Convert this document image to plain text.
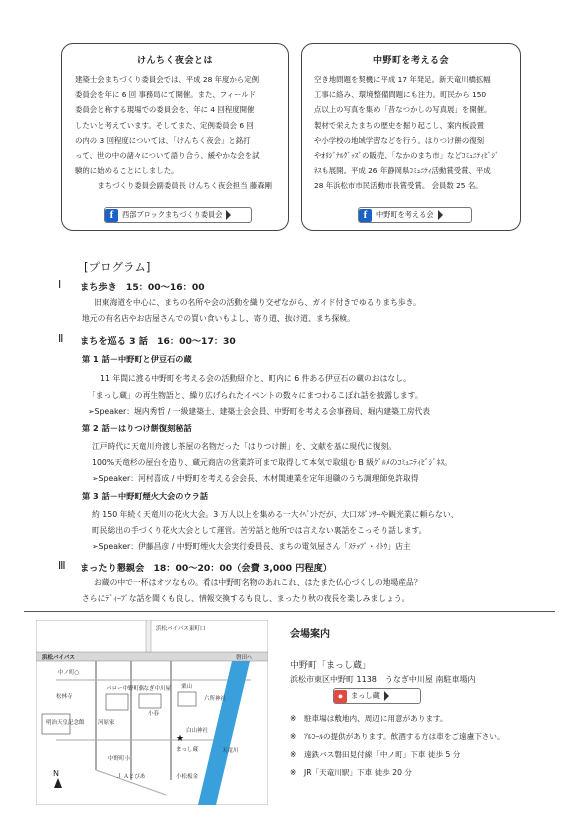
けんちく夜会とは
建築士会まちづくり委員会では、平成 28 年度から定例
委員会を年に 6 回 事務局にて開催。また、フィールド
委員会と称する現場での委員会を、年に 4 回程度開催
したいと考えています。そしてまた、定例委員会 6 回
の内の 3 回程度については、「けんちく夜会」と銘打
って、世の中の諸々について語り合う、緩やかな会を試
験的に始めることにしました。
まちづくり委員会副委員長 けんちく夜会担当 藤森剛
f	西部ブロックまちづくり委員会
中野町を考える会
空き地問題を契機に平成 17 年発足。新天竜川橋拡幅
工事に絡み、環境整備問題にも注力。町民から 150
点以上の写真を集め「昔なつかしの写真展」を開催。
製材で栄えたまちの歴史を掘り起こし、案内板設置
や小学校の地域学習などを行う。はりつけ餅の復刻
やｵﾘｼﾞﾅﾙｸﾞｯｽﾞの販売、「なかのまち市」などｺﾐｭﾆﾃｨﾋﾞｼﾞ
ﾈｽも展開。平成 26 年静岡県ｺﾐｭﾆﾃｨ活動賞受賞、平成
28 年浜松市市民活動市長賞受賞。 会員数 25 名。
f	中野町を考える会
[プログラム]
Ⅰ まち歩き　15：00～16：00
旧東海道を中心に、まちの名所や会の活動を織り交ぜながら、ガイド付きでゆるりまち歩き。
地元の有名店やお店屋さんでの買い食いもよし、寄り道、抜け道、まち探検。
Ⅱ まちを巡る 3 話　16：00～17：30
第 1 話－中野町と伊豆石の蔵
11 年間に渡る中野町を考える会の活動紹介と、町内に 6 件ある伊豆石の蔵のおはなし。
「まっし蔵」の再生物語と、繰り広げられたイベントの数々にまつわるこぼれ話を披露します。
➢Speaker：堀内秀哲 / 一級建築士、建築士会会員、中野町を考える会事務局、堀内建築工房代表
第 2 話－はりつけ餅復刻秘話
江戸時代に天竜川舟渡し茶屋の名物だった「はりつけ餅」を、文献を基に現代に復刻。
100%天竜杉の屋台を造り、蔵元商店の営業許可まで取得して本気で取組む B 級ｸﾞﾙﾒのｺﾐｭﾆﾃｨﾋﾞｼﾞﾈｽ。
➢Speaker：河村喜成 / 中野町を考える会会長、木材関連業を定年退職のうち調理師免許取得
第 3 話－中野町煙火大会のウラ話
約 150 年続く天竜川の花火大会。3 万人以上を集める一大ｲﾍﾞﾝﾄだが、大口ｽﾎﾟﾝｻｰや観光業に頼らない、
町民総出の手づくり花火大会として運営。苦労話と他所では言えない裏話をこっそり話します。
➢Speaker：伊藤昌彦 / 中野町煙火大会実行委員長、まちの電気屋さん「ｽﾃｯﾌﾟ・ｲﾄｳ」店主
Ⅲ まったり懇親会　18：00～20：00（会費 3,000 円程度）
お蔵の中で一杯はオツなもの。肴は中野町名物のあれこれ、はたまた仏心づくしの地場産品？
さらにﾃﾞｨｰﾌﾟな話を聞くも良し、情報交換するも良し、まったり秋の夜長を楽しみましょう。
★
浜松バイパス東町口
浜松バイパス	磐田へ
中ノ町○
松林寺
明治天皇記念館 河原家
パロー中野町店
うなぎ中川屋 栗山
小春
六所神社
白山神社
まっし蔵
中野町小
Ｊ Ａとぴあ	小松板金
天竜川
N
会場案内
中野町「まっし蔵」
浜松市東区中野町 1138　うなぎ中川屋 南駐車場内
●	まっし蔵
※　駐車場は敷地内、周辺に用意があります。
※　ｱﾙｺｰﾙの提供があります。飲酒する方は車をご遠慮下さい。
※　遠鉄バス磐田見付線「中ノ町」下車 徒歩 5 分
※　JR「天竜川駅」下車 徒歩 20 分
